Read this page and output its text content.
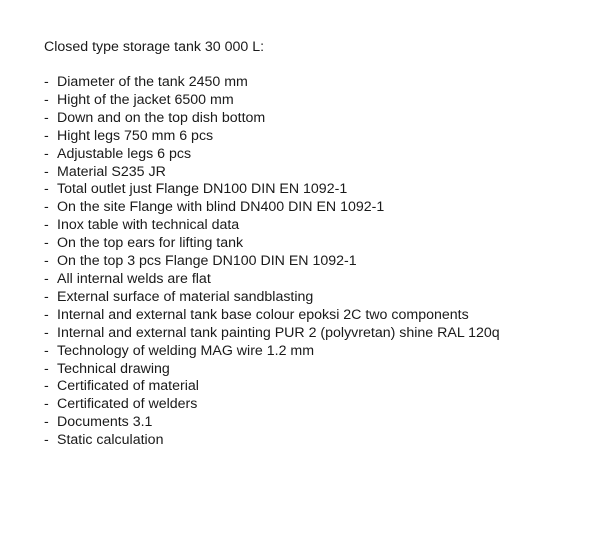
Closed type storage tank 30 000 L:
- Diameter of the tank 2450 mm
- Hight of the jacket 6500 mm
- Down and on the top dish bottom
- Hight legs 750 mm 6 pcs
- Adjustable legs 6 pcs
- Material S235 JR
- Total outlet just Flange DN100 DIN EN 1092-1
- On the site Flange with blind DN400 DIN EN 1092-1
- Inox table with technical data
- On the top ears for lifting tank
- On the top 3 pcs Flange DN100 DIN EN 1092-1
- All internal welds are flat
- External surface of material sandblasting
- Internal and external tank base colour epoksi 2C two components
- Internal and external tank painting PUR 2 (polyvretan) shine RAL 120q
- Technology of welding MAG wire 1.2 mm
- Technical drawing
- Certificated of material
- Certificated of welders
- Documents 3.1
- Static calculation
